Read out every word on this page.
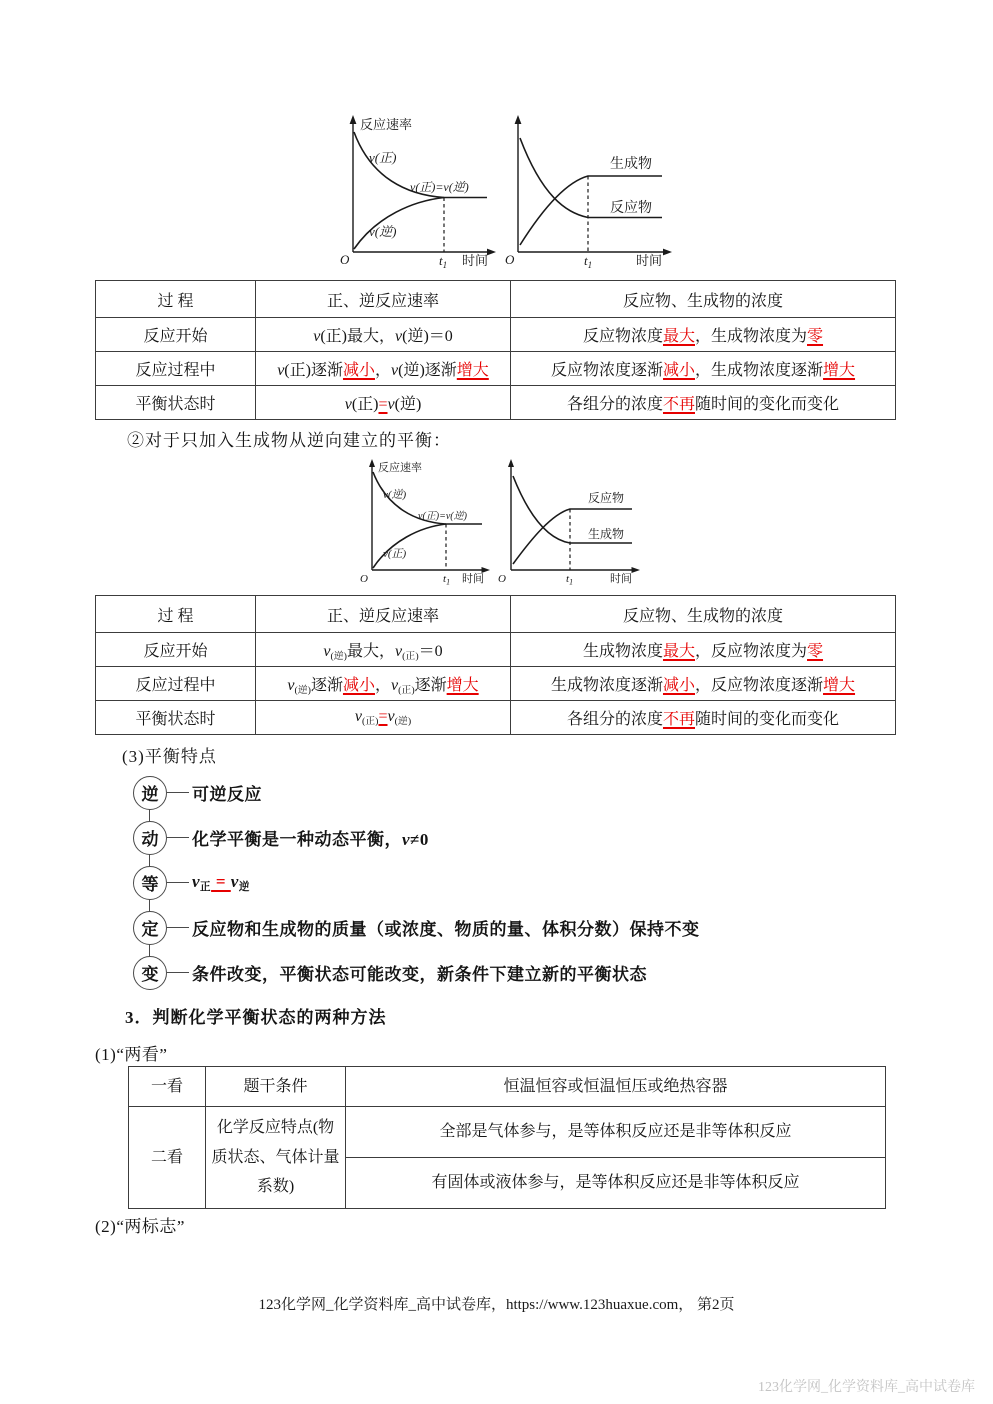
反应速率
v(正)
v(逆)
v(正)=v(逆)
O	$t_1$ 时间
生成物
反应物
O	$t_1$	时间
过 程	正、逆反应速率	反应物、生成物的浓度
反应开始	v(正)最大，v(逆)＝0	反应物浓度最大，生成物浓度为零
反应过程中	v(正)逐渐减小，v(逆)逐渐增大	反应物浓度逐渐减小，生成物浓度逐渐增大
平衡状态时	v(正)=v(逆)	各组分的浓度不再随时间的变化而变化
②对于只加入生成物从逆向建立的平衡：
反应速率
v(逆)
v(正)
v(正)=v(逆)
O	$t_1$ 时间
反应物
生成物
O	$t_1$	时间
过 程	正、逆反应速率	反应物、生成物的浓度
反应开始	v(逆)最大，v(正)＝0	生成物浓度最大，反应物浓度为零
反应过程中	v(逆)逐渐减小，v(正)逐渐增大	生成物浓度逐渐减小，反应物浓度逐渐增大
平衡状态时	v(正)=v(逆)	各组分的浓度不再随时间的变化而变化
(3)平衡特点
逆	可逆反应
动	化学平衡是一种动态平衡，v≠0
等	v正 = v逆
定	反应物和生成物的质量（或浓度、物质的量、体积分数）保持不变
变	条件改变，平衡状态可能改变，新条件下建立新的平衡状态
3．判断化学平衡状态的两种方法
(1)“两看”
一看	题干条件	恒温恒容或恒温恒压或绝热容器
二看	化学反应特点(物质状态、气体计量系数)	全部是气体参与，是等体积反应还是非等体积反应
		有固体或液体参与，是等体积反应还是非等体积反应
(2)“两标志”
123化学网_化学资料库_高中试卷库，https://www.123huaxue.com， 第2页
123化学网_化学资料库_高中试卷库
